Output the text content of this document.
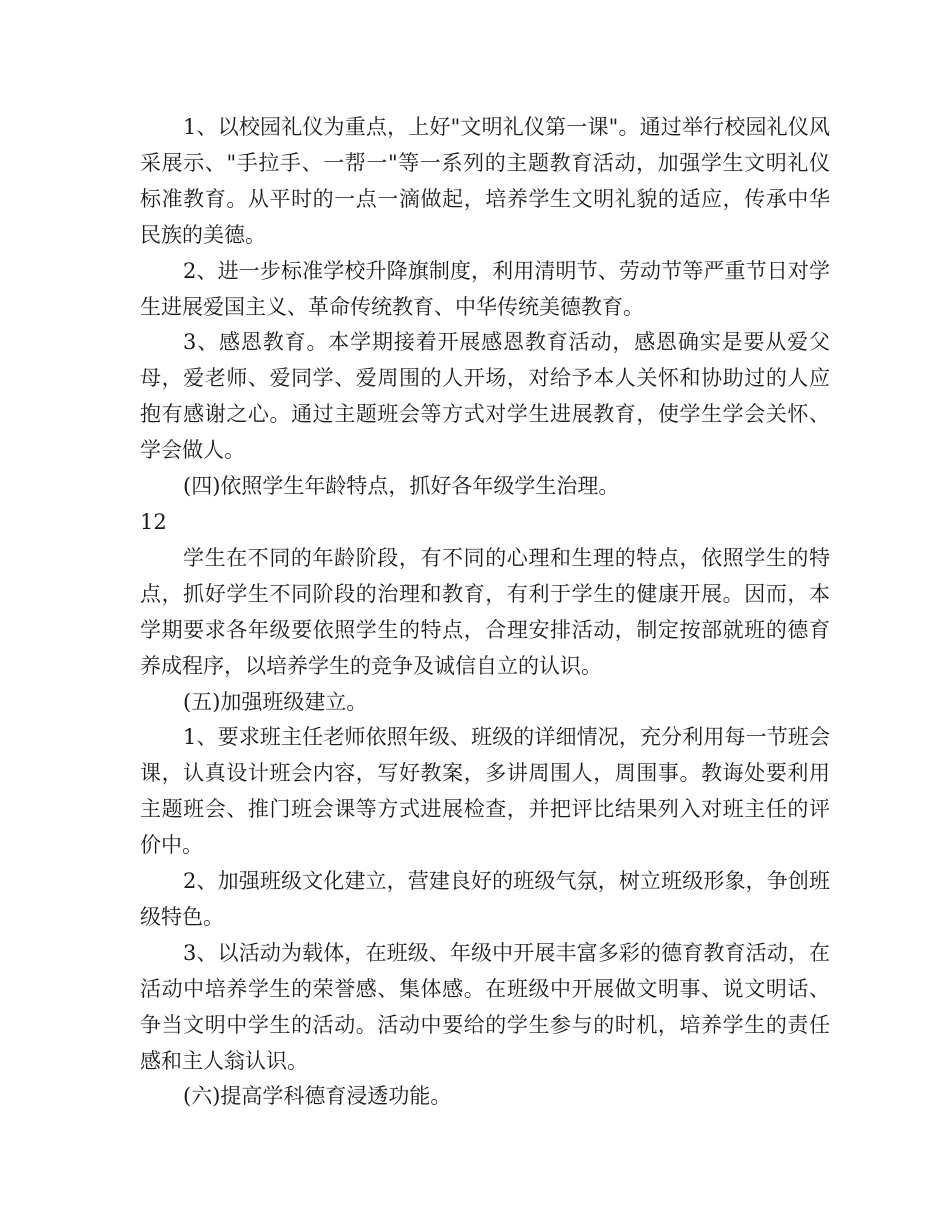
1、以校园礼仪为重点，上好"文明礼仪第一课"。通过举行校园礼仪风采展示、"手拉手、一帮一"等一系列的主题教育活动，加强学生文明礼仪标准教育。从平时的一点一滴做起，培养学生文明礼貌的适应，传承中华民族的美德。

2、进一步标准学校升降旗制度，利用清明节、劳动节等严重节日对学生进展爱国主义、革命传统教育、中华传统美德教育。

3、感恩教育。本学期接着开展感恩教育活动，感恩确实是要从爱父母，爱老师、爱同学、爱周围的人开场，对给予本人关怀和协助过的人应抱有感谢之心。通过主题班会等方式对学生进展教育，使学生学会关怀、学会做人。

(四)依照学生年龄特点，抓好各年级学生治理。

12

学生在不同的年龄阶段，有不同的心理和生理的特点，依照学生的特点，抓好学生不同阶段的治理和教育，有利于学生的健康开展。因而，本学期要求各年级要依照学生的特点，合理安排活动，制定按部就班的德育养成程序，以培养学生的竞争及诚信自立的认识。

(五)加强班级建立。

1、要求班主任老师依照年级、班级的详细情况，充分利用每一节班会课，认真设计班会内容，写好教案，多讲周围人，周围事。教诲处要利用主题班会、推门班会课等方式进展检查，并把评比结果列入对班主任的评价中。

2、加强班级文化建立，营建良好的班级气氛，树立班级形象，争创班级特色。

3、以活动为载体，在班级、年级中开展丰富多彩的德育教育活动，在活动中培养学生的荣誉感、集体感。在班级中开展做文明事、说文明话、争当文明中学生的活动。活动中要给的学生参与的时机，培养学生的责任感和主人翁认识。

(六)提高学科德育浸透功能。
